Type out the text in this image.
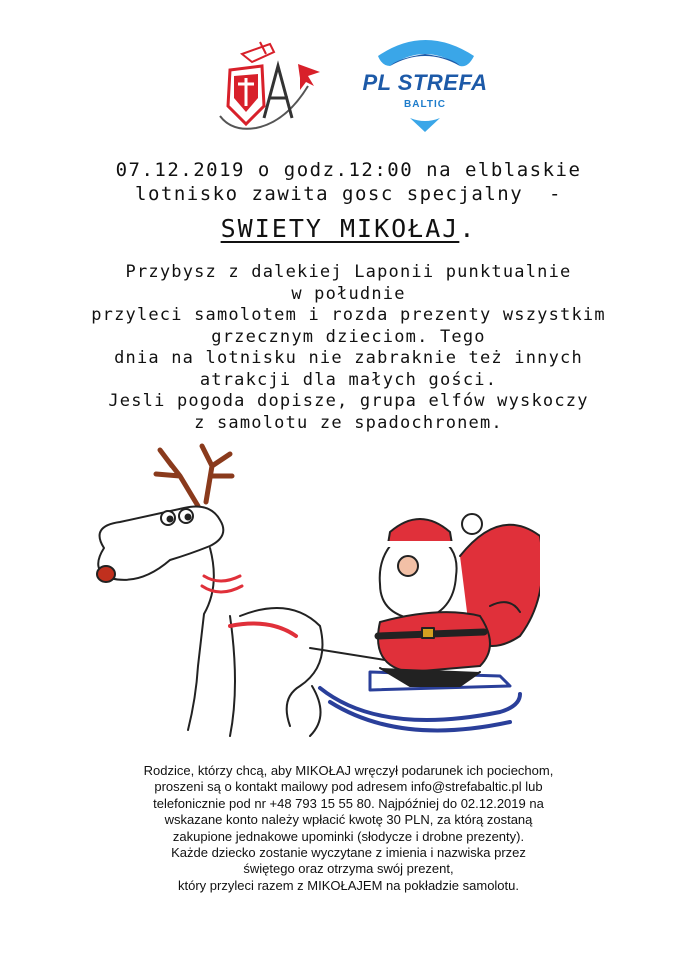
PL STREFA
BALTIC
07.12.2019 o godz.12:00 na elblaskie
lotnisko zawita gosc specjalny  -
SWIETY MIKOŁAJ.
Przybysz z dalekiej Laponii punktualnie
w południe
przyleci samolotem i rozda prezenty wszystkim
grzecznym dzieciom. Tego
dnia na lotnisku nie zabraknie też innych
atrakcji dla małych gości.
Jesli pogoda dopisze, grupa elfów wyskoczy
z samolotu ze spadochronem.
Rodzice, którzy chcą, aby MIKOŁAJ wręczył podarunek ich pociechom,
proszeni są o kontakt mailowy pod adresem info@strefabaltic.pl lub
telefonicznie pod nr +48 793 15 55 80. Najpóźniej do 02.12.2019 na
wskazane konto należy wpłacić kwotę 30 PLN, za którą zostaną
zakupione jednakowe upominki (słodycze i drobne prezenty).
Każde dziecko zostanie wyczytane z imienia i nazwiska przez
świętego oraz otrzyma swój prezent,
który przyleci razem z MIKOŁAJEM na pokładzie samolotu.
